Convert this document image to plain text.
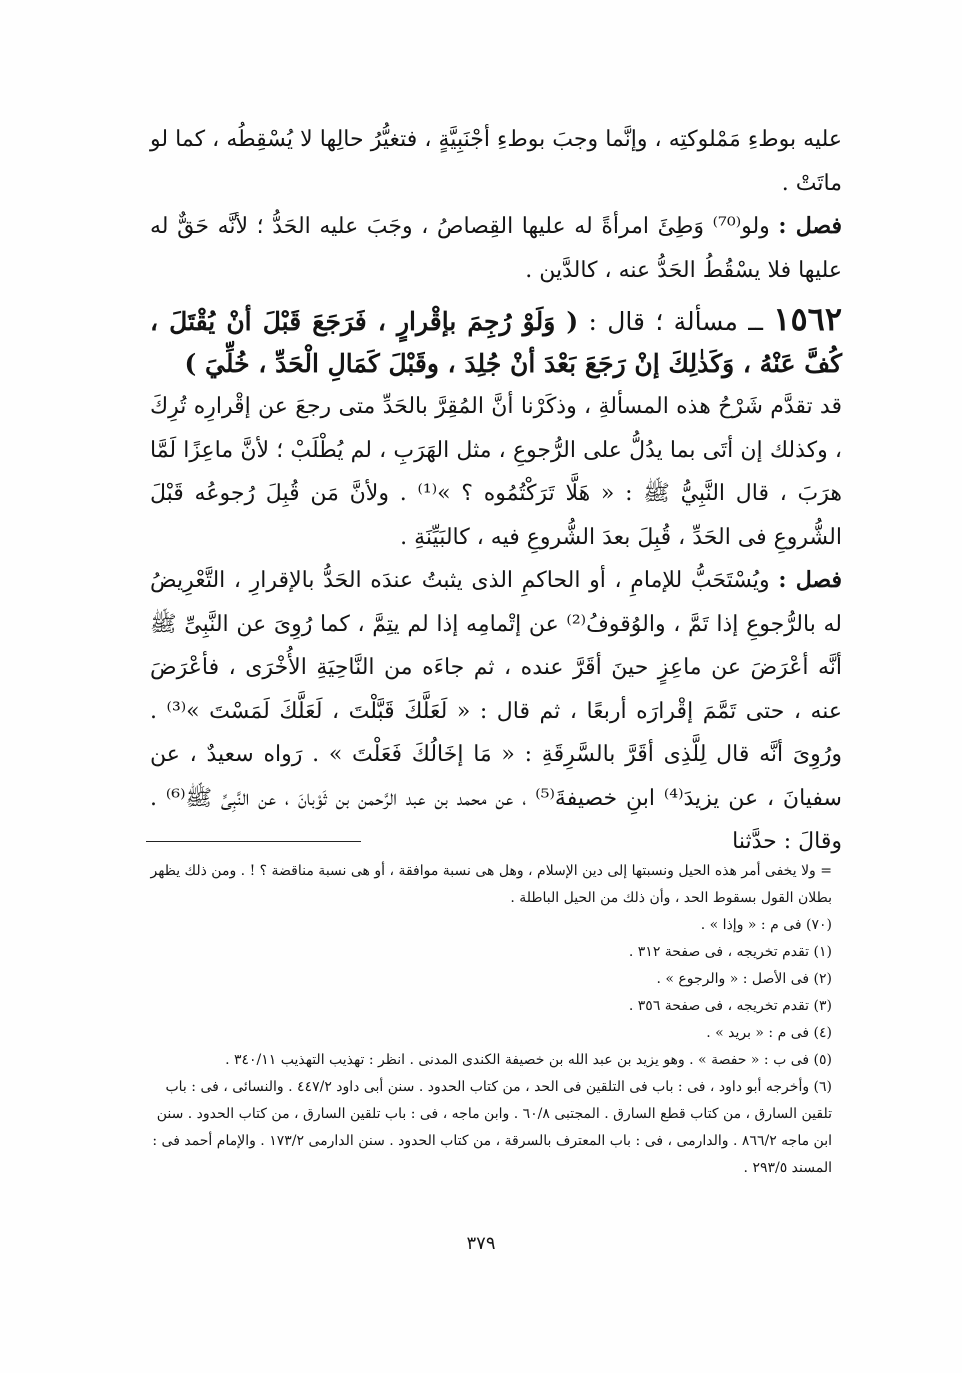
عليه بوطءِ مَمْلوكتِه ، وإنَّما وجبَ بوطءِ أجْنَبِيَّةٍ ، فتغيُّرُ حالِها لا يُسْقِطُه ، كما لو ماتَتْ .

فصل : ولو⁽⁷⁰⁾ وَطِئَ امرأةً له عليها القِصاصُ ، وجَبَ عليه الحَدُّ ؛ لأنَّه حَقٌّ له عليها فلا يسْقُطُ الحَدُّ عنه ، كالدَّين .

١٥٦٢ ــ مسألة ؛ قال : ( وَلَوْ رُجِمَ بإقْرارٍ ، فَرَجَعَ قَبْلَ أنْ يُقْتَلَ ، كُفَّ عَنْهُ ، وَكَذٰلِكَ إنْ رَجَعَ بَعْدَ أنْ جُلِدَ ، وقَبْلَ كَمَالِ الْحَدِّ ، خُلِّيَ )

قد تقدَّم شَرْحُ هذه المسألةِ ، وذكَرْنا أنَّ المُقِرَّ بالحَدِّ متى رجعَ عن إقْرارِه تُرِكَ ، وكذلك إن أتَى بما يدُلُّ على الرُّجوعِ ، مثل الهَرَبِ ، لم يُطْلَبْ ؛ لأنَّ ماعِزًا لَمَّا هرَبَ ، قال النَّبِيُّ ﷺ : « هَلَّا تَرَكْتُمُوه ؟ »⁽¹⁾ . ولأنَّ مَن قُبِلَ رُجوعُه قَبْلَ الشُّروعِ فى الحَدِّ ، قُبِلَ بعدَ الشُّروعِ فيه ، كالبَيِّنَةِ .

فصل : ويُسْتَحَبُّ للإمامِ ، أو الحاكمِ الذى يثبتُ عندَه الحَدُّ بالإقرارِ ، التَّعْرِيضُ له بالرُّجوعِ إذا تَمَّ ، والوُقوفُ⁽²⁾ عن إتْمامِه إذا لم يتِمَّ ، كما رُوِىَ عن النَّبِىِّ ﷺ أنَّه أعْرَضَ عن ماعِزٍ حينَ أقَرَّ عنده ، ثم جاءَه من النَّاحِيَةِ الأُخْرَى ، فأعْرَضَ عنه ، حتى تَمَّمَ إقْرارَه أربعًا ، ثم قال : « لَعَلَّكَ قَبَّلْتَ ، لَعَلَّكَ لَمَسْتَ »⁽³⁾ . ورُوِىَ أنَّه قال لِلَّذِى أقَرَّ بالسَّرِقَةِ : « مَا إخَالُكَ فَعَلْتَ » . رَواه سعيدٌ ، عن سفيانَ ، عن يزيدَ⁽⁴⁾ ابنِ خصيفةَ⁽⁵⁾ ، عن محمد بن عبد الرَّحمن بن ثَوْبانَ ، عن النَّبِىِّ ﷺ⁽⁶⁾ . وقالَ : حدَّثنا

= ولا يخفى أمر هذه الحيل ونسبتها إلى دين الإسلام ، وهل هى نسبة موافقة ، أو هى نسبة مناقضة ؟ ! . ومن ذلك يظهر بطلان القول بسقوط الحد ، وأن ذلك من الحيل الباطلة .

(٧٠) فى م : « وإذا » .

(١) تقدم تخريجه ، فى صفحة ٣١٢ .

(٢) فى الأصل : « والرجوع » .

(٣) تقدم تخريجه ، فى صفحة ٣٥٦ .

(٤) فى م : « بريد » .

(٥) فى ب : « حفصة » . وهو يزيد بن عبد الله بن خصيفة الكندى المدنى . انظر : تهذيب التهذيب ٣٤٠/١١ .

(٦) وأخرجه أبو داود ، فى : باب فى التلقين فى الحد ، من كتاب الحدود . سنن أبى داود ٤٤٧/٢ . والنسائى ، فى : باب تلقين السارق ، من كتاب قطع السارق . المجتبى ٦٠/٨ . وابن ماجه ، فى : باب تلقين السارق ، من كتاب الحدود . سنن ابن ماجه ٨٦٦/٢ . والدارمى ، فى : باب المعترف بالسرقة ، من كتاب الحدود . سنن الدارمى ١٧٣/٢ . والإمام أحمد فى : المسند ٢٩٣/٥ .

٣٧٩
